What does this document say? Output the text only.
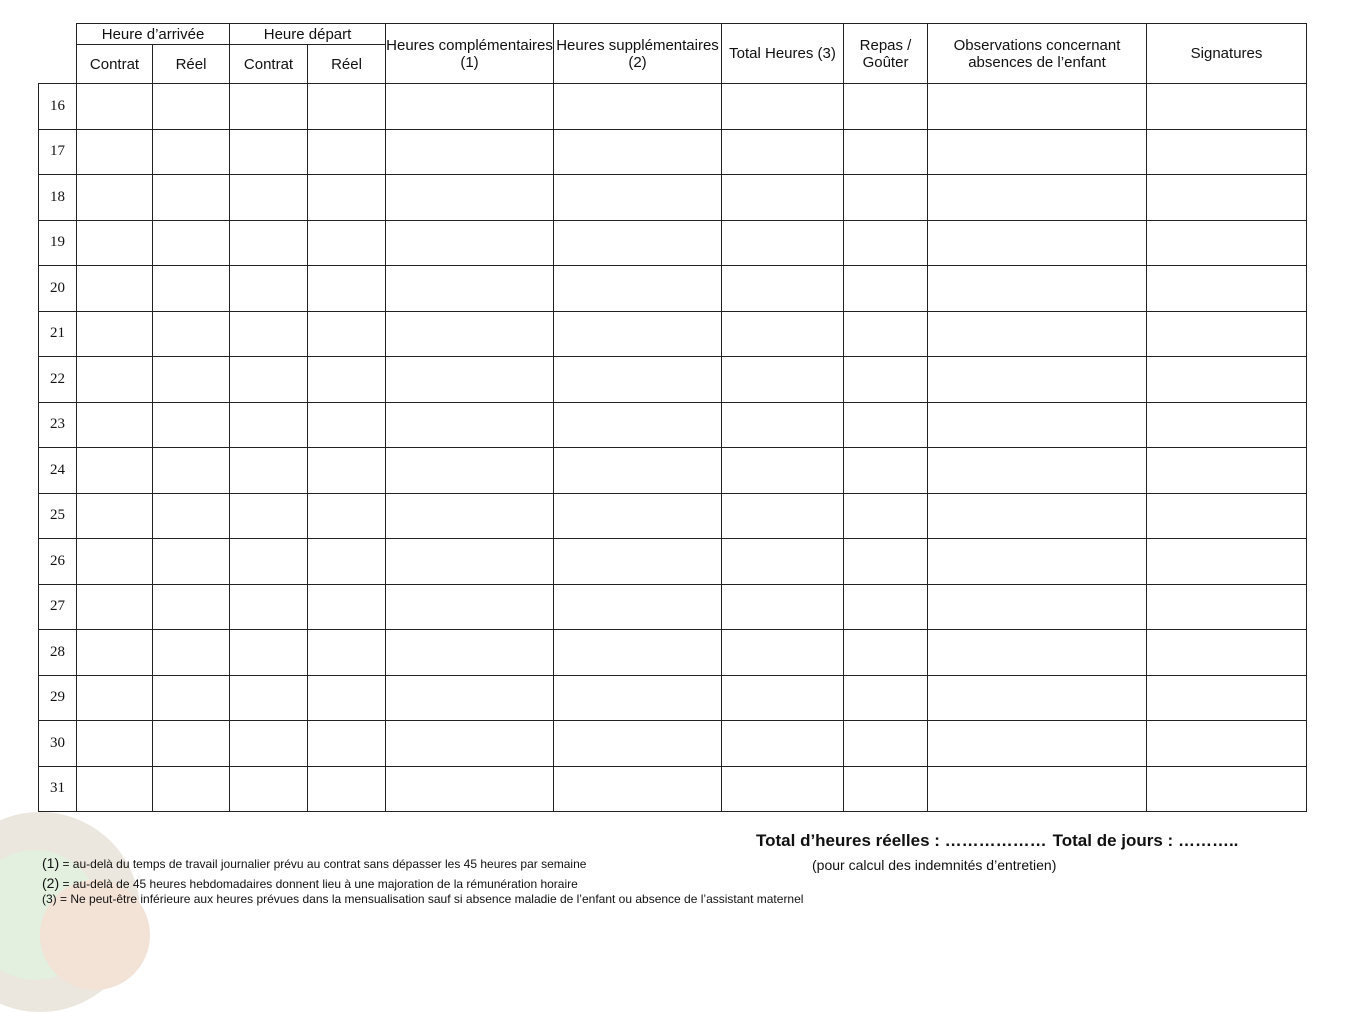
	Heure d’arrivée		Heure départ		Heures complémentaires (1)	Heures supplémentaires (2)	Total Heures (3)	Repas / Goûter	Observations concernant absences de l’enfant	Signatures
	Contrat	Réel	Contrat	Réel						
16										
17										
18										
19										
20										
21										
22										
23										
24										
25										
26										
27										
28										
29										
30										
31										
Total d’heures réelles : ……………… Total de jours : ………..
(pour calcul des indemnités d’entretien)
(1) = au-delà du temps de travail journalier prévu au contrat sans dépasser les 45 heures par semaine
(2) = au-delà de 45 heures hebdomadaires donnent lieu à une majoration de la rémunération horaire
(3) = Ne peut-être inférieure aux heures prévues dans la mensualisation sauf si absence maladie de l’enfant ou absence de l’assistant maternel
